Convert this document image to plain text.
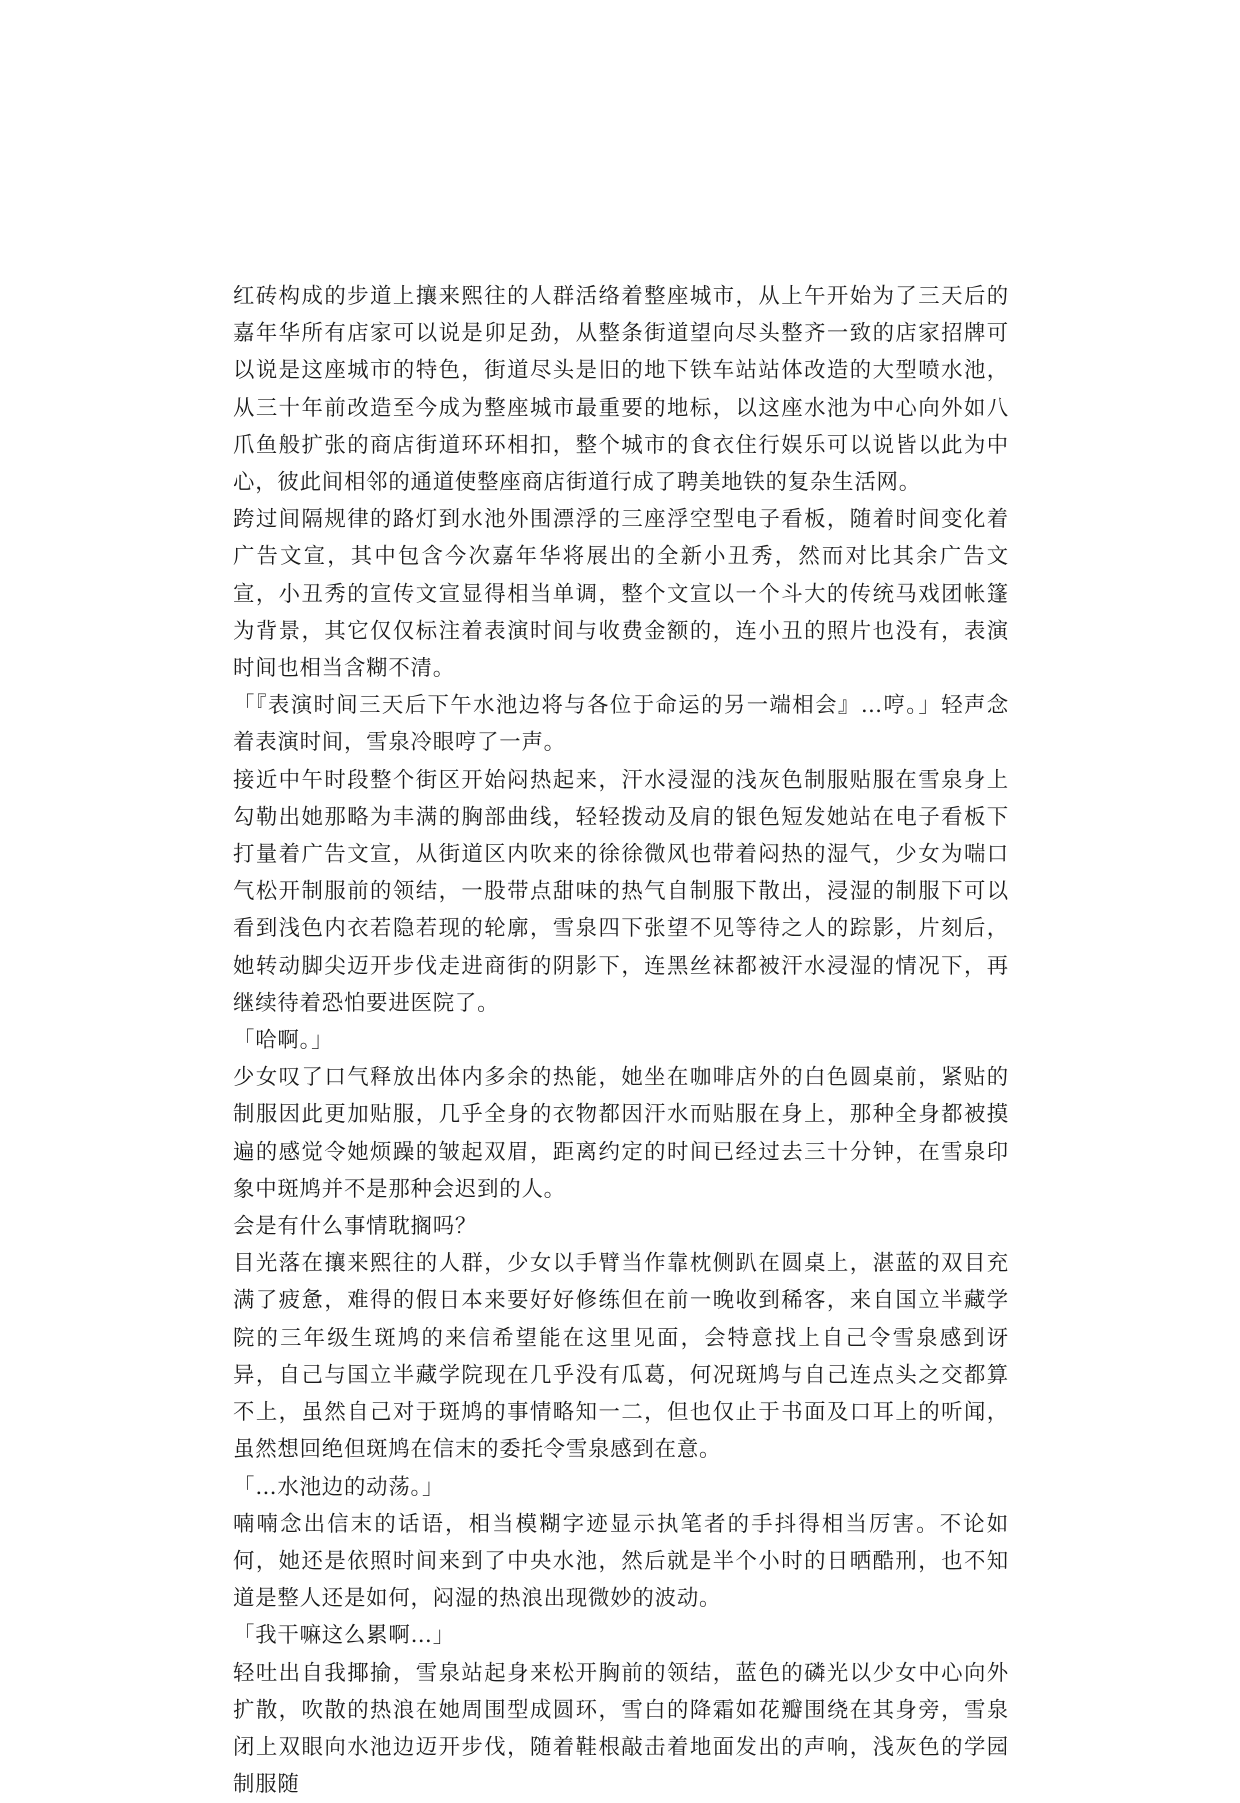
红砖构成的步道上攘来熙往的人群活络着整座城市，从上午开始为了三天后的嘉年华所有店家可以说是卯足劲，从整条街道望向尽头整齐一致的店家招牌可以说是这座城市的特色，街道尽头是旧的地下铁车站站体改造的大型喷水池，从三十年前改造至今成为整座城市最重要的地标，以这座水池为中心向外如八爪鱼般扩张的商店街道环环相扣，整个城市的食衣住行娱乐可以说皆以此为中心，彼此间相邻的通道使整座商店街道行成了聘美地铁的复杂生活网。

跨过间隔规律的路灯到水池外围漂浮的三座浮空型电子看板，随着时间变化着广告文宣，其中包含今次嘉年华将展出的全新小丑秀，然而对比其余广告文宣，小丑秀的宣传文宣显得相当单调，整个文宣以一个斗大的传统马戏团帐篷为背景，其它仅仅标注着表演时间与收费金额的，连小丑的照片也没有，表演时间也相当含糊不清。

「『表演时间三天后下午水池边将与各位于命运的另一端相会』…哼。」轻声念着表演时间，雪泉冷眼哼了一声。

接近中午时段整个街区开始闷热起来，汗水浸湿的浅灰色制服贴服在雪泉身上勾勒出她那略为丰满的胸部曲线，轻轻拨动及肩的银色短发她站在电子看板下打量着广告文宣，从街道区内吹来的徐徐微风也带着闷热的湿气，少女为喘口气松开制服前的领结，一股带点甜味的热气自制服下散出，浸湿的制服下可以看到浅色内衣若隐若现的轮廓，雪泉四下张望不见等待之人的踪影，片刻后，她转动脚尖迈开步伐走进商街的阴影下，连黑丝袜都被汗水浸湿的情况下，再继续待着恐怕要进医院了。

「哈啊。」

少女叹了口气释放出体内多余的热能，她坐在咖啡店外的白色圆桌前，紧贴的制服因此更加贴服，几乎全身的衣物都因汗水而贴服在身上，那种全身都被摸遍的感觉令她烦躁的皱起双眉，距离约定的时间已经过去三十分钟，在雪泉印象中斑鸠并不是那种会迟到的人。

会是有什么事情耽搁吗？

目光落在攘来熙往的人群，少女以手臂当作靠枕侧趴在圆桌上，湛蓝的双目充满了疲惫，难得的假日本来要好好修练但在前一晚收到稀客，来自国立半藏学院的三年级生斑鸠的来信希望能在这里见面，会特意找上自己令雪泉感到讶异，自己与国立半藏学院现在几乎没有瓜葛，何况斑鸠与自己连点头之交都算不上，虽然自己对于斑鸠的事情略知一二，但也仅止于书面及口耳上的听闻，虽然想回绝但斑鸠在信末的委托令雪泉感到在意。

「…水池边的动荡。」

喃喃念出信末的话语，相当模糊字迹显示执笔者的手抖得相当厉害。不论如何，她还是依照时间来到了中央水池，然后就是半个小时的日晒酷刑，也不知道是整人还是如何，闷湿的热浪出现微妙的波动。

「我干嘛这么累啊…」

轻吐出自我揶揄，雪泉站起身来松开胸前的领结，蓝色的磷光以少女中心向外扩散，吹散的热浪在她周围型成圆环，雪白的降霜如花瓣围绕在其身旁，雪泉闭上双眼向水池边迈开步伐，随着鞋根敲击着地面发出的声响，浅灰色的学园制服随
